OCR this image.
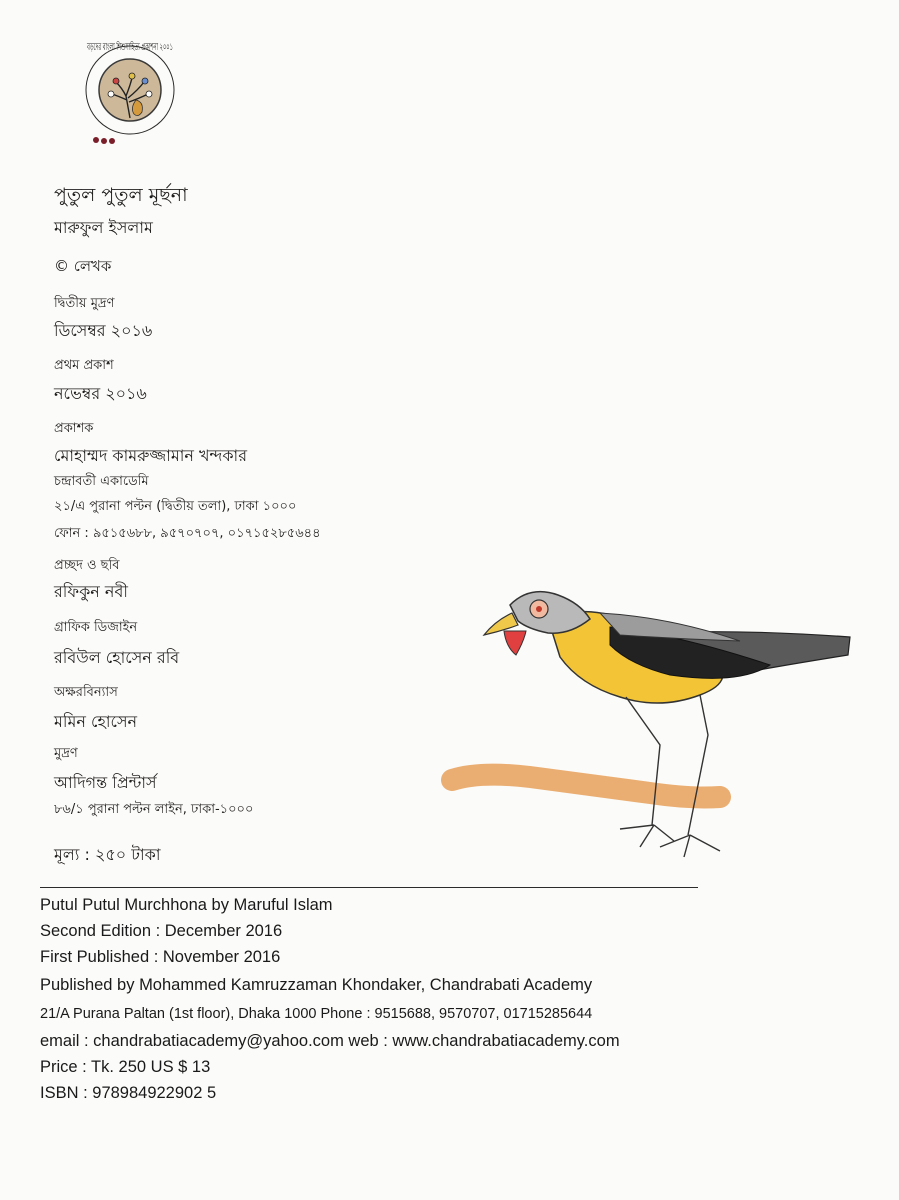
বড়দের বাংলা শিশুসাহিত্য প্রকাশনা ২০০১
পুতুল পুতুল মূর্ছনা
মারুফুল ইসলাম
© লেখক
দ্বিতীয় মুদ্রণ
ডিসেম্বর ২০১৬
প্রথম প্রকাশ
নভেম্বর ২০১৬
প্রকাশক
মোহাম্মদ কামরুজ্জামান খন্দকার
চন্দ্রাবতী একাডেমি
২১/এ পুরানা পল্টন (দ্বিতীয় তলা), ঢাকা ১০০০
ফোন : ৯৫১৫৬৮৮, ৯৫৭০৭০৭, ০১৭১৫২৮৫৬৪৪
প্রচ্ছদ ও ছবি
রফিকুন নবী
গ্রাফিক ডিজাইন
রবিউল হোসেন রবি
অক্ষরবিন্যাস
মমিন হোসেন
মুদ্রণ
আদিগন্ত প্রিন্টার্স
৮৬/১ পুরানা পল্টন লাইন, ঢাকা-১০০০
মূল্য : ২৫০ টাকা
Putul Putul Murchhona by Maruful Islam
Second Edition : December 2016
First Published : November 2016
Published by Mohammed Kamruzzaman Khondaker, Chandrabati Academy
21/A Purana Paltan (1st floor), Dhaka 1000 Phone : 9515688, 9570707, 01715285644
email : chandrabatiacademy@yahoo.com web : www.chandrabatiacademy.com
Price : Tk. 250 US $ 13
ISBN : 978984922902 5
